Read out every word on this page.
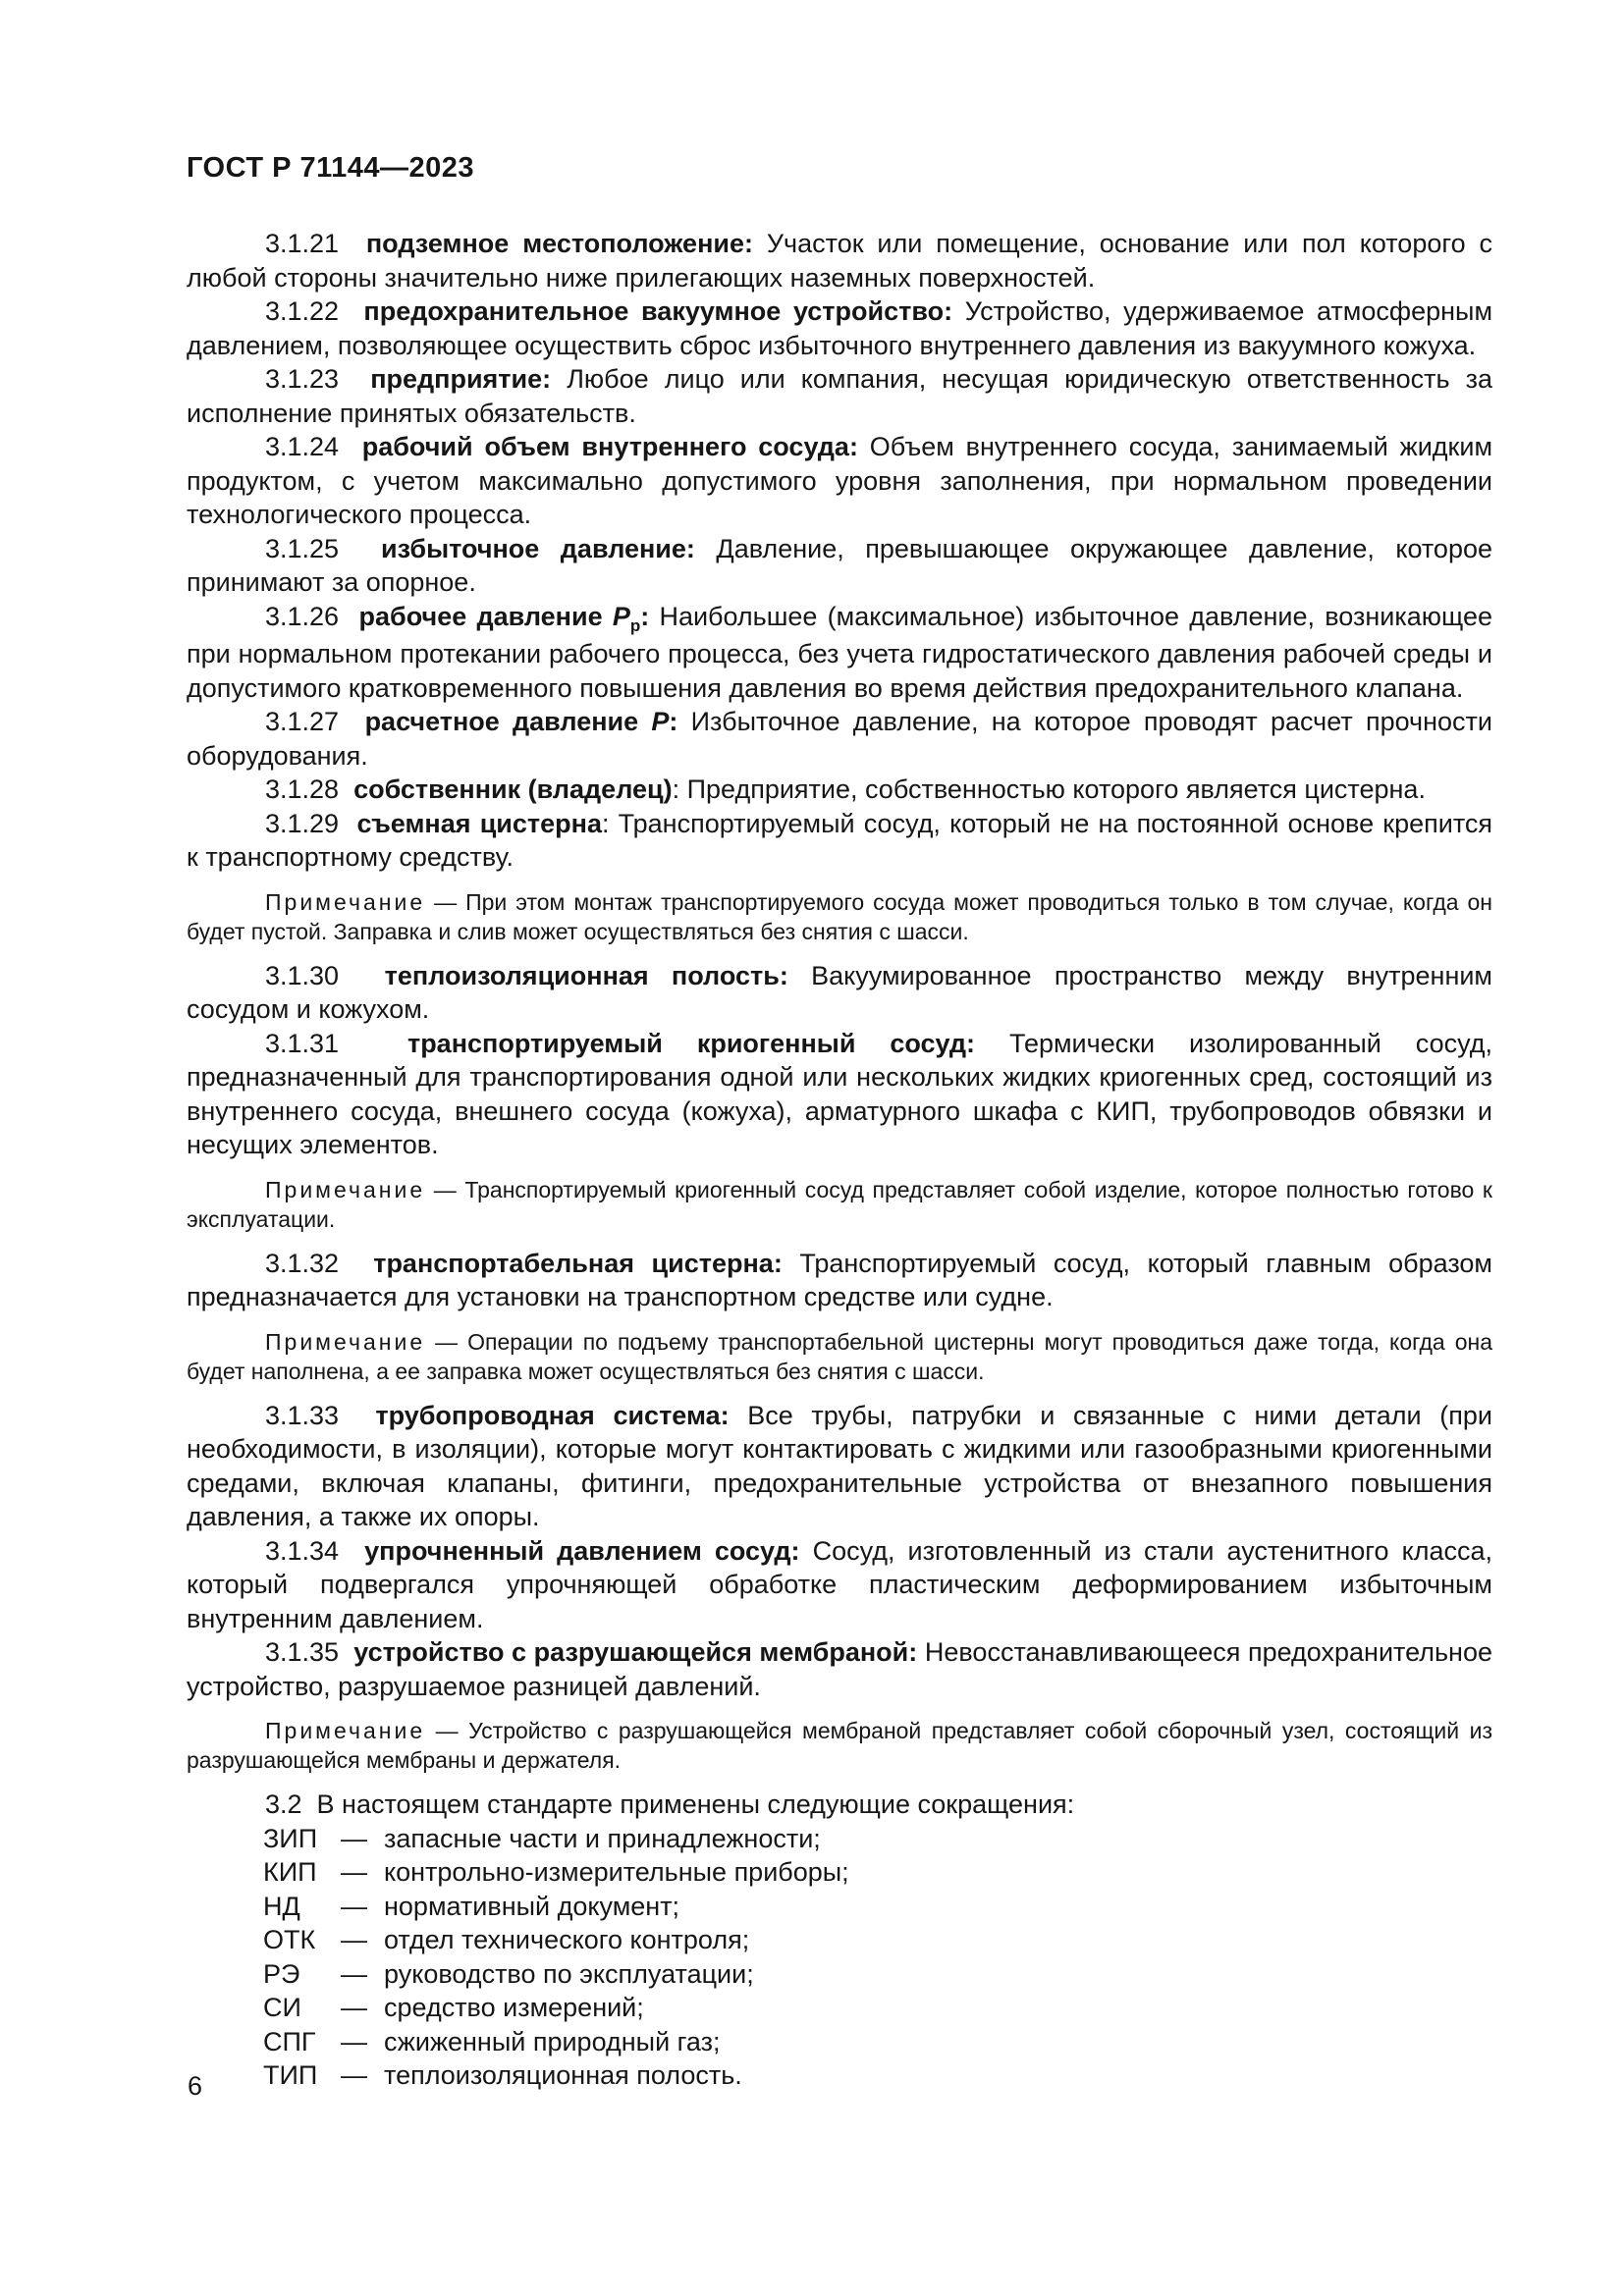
ГОСТ Р 71144—2023
3.1.21  подземное местоположение: Участок или помещение, основание или пол которого с любой стороны значительно ниже прилегающих наземных поверхностей.
3.1.22  предохранительное вакуумное устройство: Устройство, удерживаемое атмосферным давлением, позволяющее осуществить сброс избыточного внутреннего давления из вакуумного кожуха.
3.1.23  предприятие: Любое лицо или компания, несущая юридическую ответственность за исполнение принятых обязательств.
3.1.24  рабочий объем внутреннего сосуда: Объем внутреннего сосуда, занимаемый жидким продуктом, с учетом максимально допустимого уровня заполнения, при нормальном проведении технологического процесса.
3.1.25  избыточное давление: Давление, превышающее окружающее давление, которое принимают за опорное.
3.1.26  рабочее давление $P_р$: Наибольшее (максимальное) избыточное давление, возникающее при нормальном протекании рабочего процесса, без учета гидростатического давления рабочей среды и допустимого кратковременного повышения давления во время действия предохранительного клапана.
3.1.27  расчетное давление P: Избыточное давление, на которое проводят расчет прочности оборудования.
3.1.28  собственник (владелец): Предприятие, собственностью которого является цистерна.
3.1.29  съемная цистерна: Транспортируемый сосуд, который не на постоянной основе крепится к транспортному средству.
Примечание — При этом монтаж транспортируемого сосуда может проводиться только в том случае, когда он будет пустой. Заправка и слив может осуществляться без снятия с шасси.
3.1.30  теплоизоляционная полость: Вакуумированное пространство между внутренним сосудом и кожухом.
3.1.31  транспортируемый криогенный сосуд: Термически изолированный сосуд, предназначенный для транспортирования одной или нескольких жидких криогенных сред, состоящий из внутреннего сосуда, внешнего сосуда (кожуха), арматурного шкафа с КИП, трубопроводов обвязки и несущих элементов.
Примечание — Транспортируемый криогенный сосуд представляет собой изделие, которое полностью готово к эксплуатации.
3.1.32  транспортабельная цистерна: Транспортируемый сосуд, который главным образом предназначается для установки на транспортном средстве или судне.
Примечание — Операции по подъему транспортабельной цистерны могут проводиться даже тогда, когда она будет наполнена, а ее заправка может осуществляться без снятия с шасси.
3.1.33  трубопроводная система: Все трубы, патрубки и связанные с ними детали (при необходимости, в изоляции), которые могут контактировать с жидкими или газообразными криогенными средами, включая клапаны, фитинги, предохранительные устройства от внезапного повышения давления, а также их опоры.
3.1.34  упрочненный давлением сосуд: Сосуд, изготовленный из стали аустенитного класса, который подвергался упрочняющей обработке пластическим деформированием избыточным внутренним давлением.
3.1.35  устройство с разрушающейся мембраной: Невосстанавливающееся предохранительное устройство, разрушаемое разницей давлений.
Примечание — Устройство с разрушающейся мембраной представляет собой сборочный узел, состоящий из разрушающейся мембраны и держателя.
3.2  В настоящем стандарте применены следующие сокращения:
ЗИП — запасные части и принадлежности;
КИП — контрольно-измерительные приборы;
НД	— нормативный документ;
ОТК — отдел технического контроля;
РЭ	— руководство по эксплуатации;
СИ	— средство измерений;
СПГ — сжиженный природный газ;
ТИП — теплоизоляционная полость.
6
